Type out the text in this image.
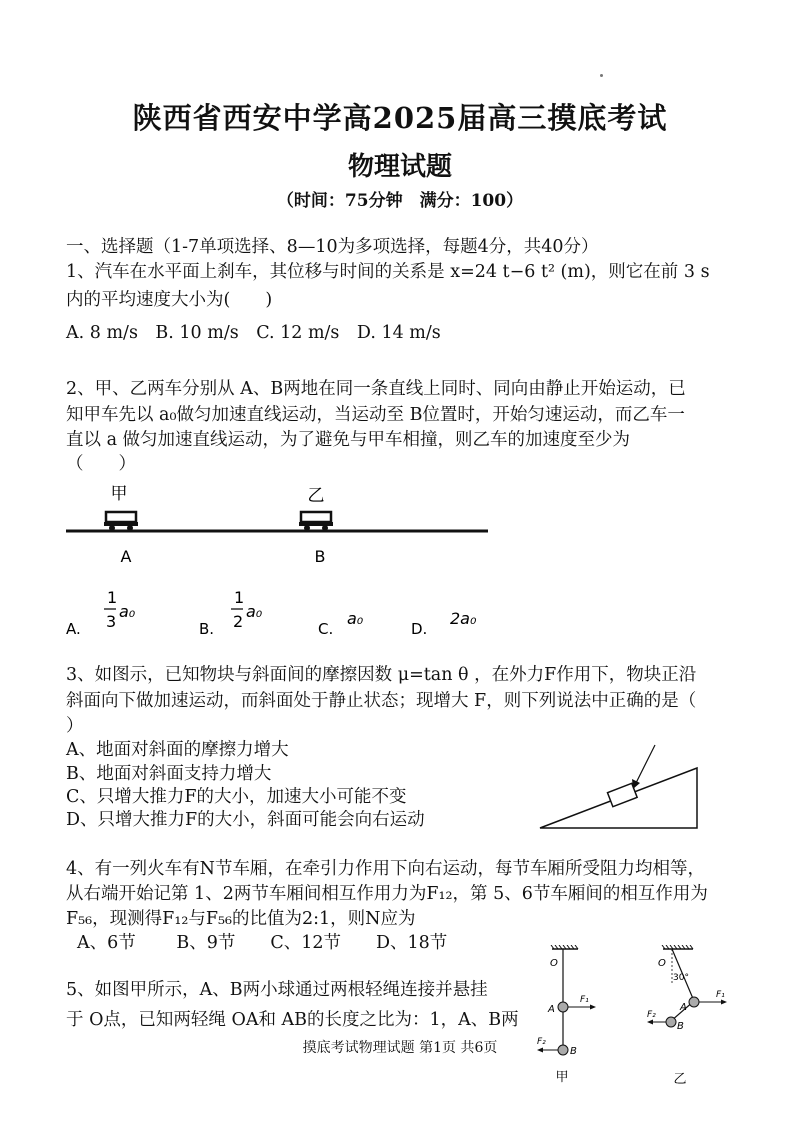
陕西省西安中学高2025届高三摸底考试
物理试题
（时间：75分钟　满分：100）
一、选择题（1-7单项选择、8—10为多项选择，每题4分，共40分）
1、汽车在水平面上刹车，其位移与时间的关系是 x=24 t−6 t² (m)，则它在前 3 s
内的平均速度大小为(　　)
A. 8 m/s　B. 10 m/s　C. 12 m/s　D. 14 m/s
2、甲、乙两车分别从 A、B两地在同一条直线上同时、同向由静止开始运动，已
知甲车先以 a₀做匀加速直线运动，当运动至 B位置时，开始匀速运动，而乙车一
直以 a 做匀加速直线运动，为了避免与甲车相撞，则乙车的加速度至少为
（　　）
甲	乙
A	B
A.
1
3
a₀
B.
1
2
a₀
C.
a₀
D.
2a₀
3、如图示，已知物块与斜面间的摩擦因数 μ=tan θ ，在外力F作用下，物块正沿
斜面向下做加速运动，而斜面处于静止状态；现增大 F，则下列说法中正确的是（
）
A、地面对斜面的摩擦力增大
B、地面对斜面支持力增大
C、只增大推力F的大小，加速大小可能不变
D、只增大推力F的大小，斜面可能会向右运动
4、有一列火车有N节车厢，在牵引力作用下向右运动，每节车厢所受阻力均相等，
从右端开始记第 1、2两节车厢间相互作用力为F₁₂，第 5、6节车厢间的相互作用为
F₅₆，现测得F₁₂与F₅₆的比值为2:1，则N应为
A、6节　　 B、9节　　C、12节　　D、18节
5、如图甲所示，A、B两小球通过两根轻绳连接并悬挂
于 O点，已知两轻绳 OA和 AB的长度之比为：1，A、B两
O
A
B
F₁
F₂
甲
O
30°
A
B
F₁
F₂
乙
摸底考试物理试题 第1页 共6页
